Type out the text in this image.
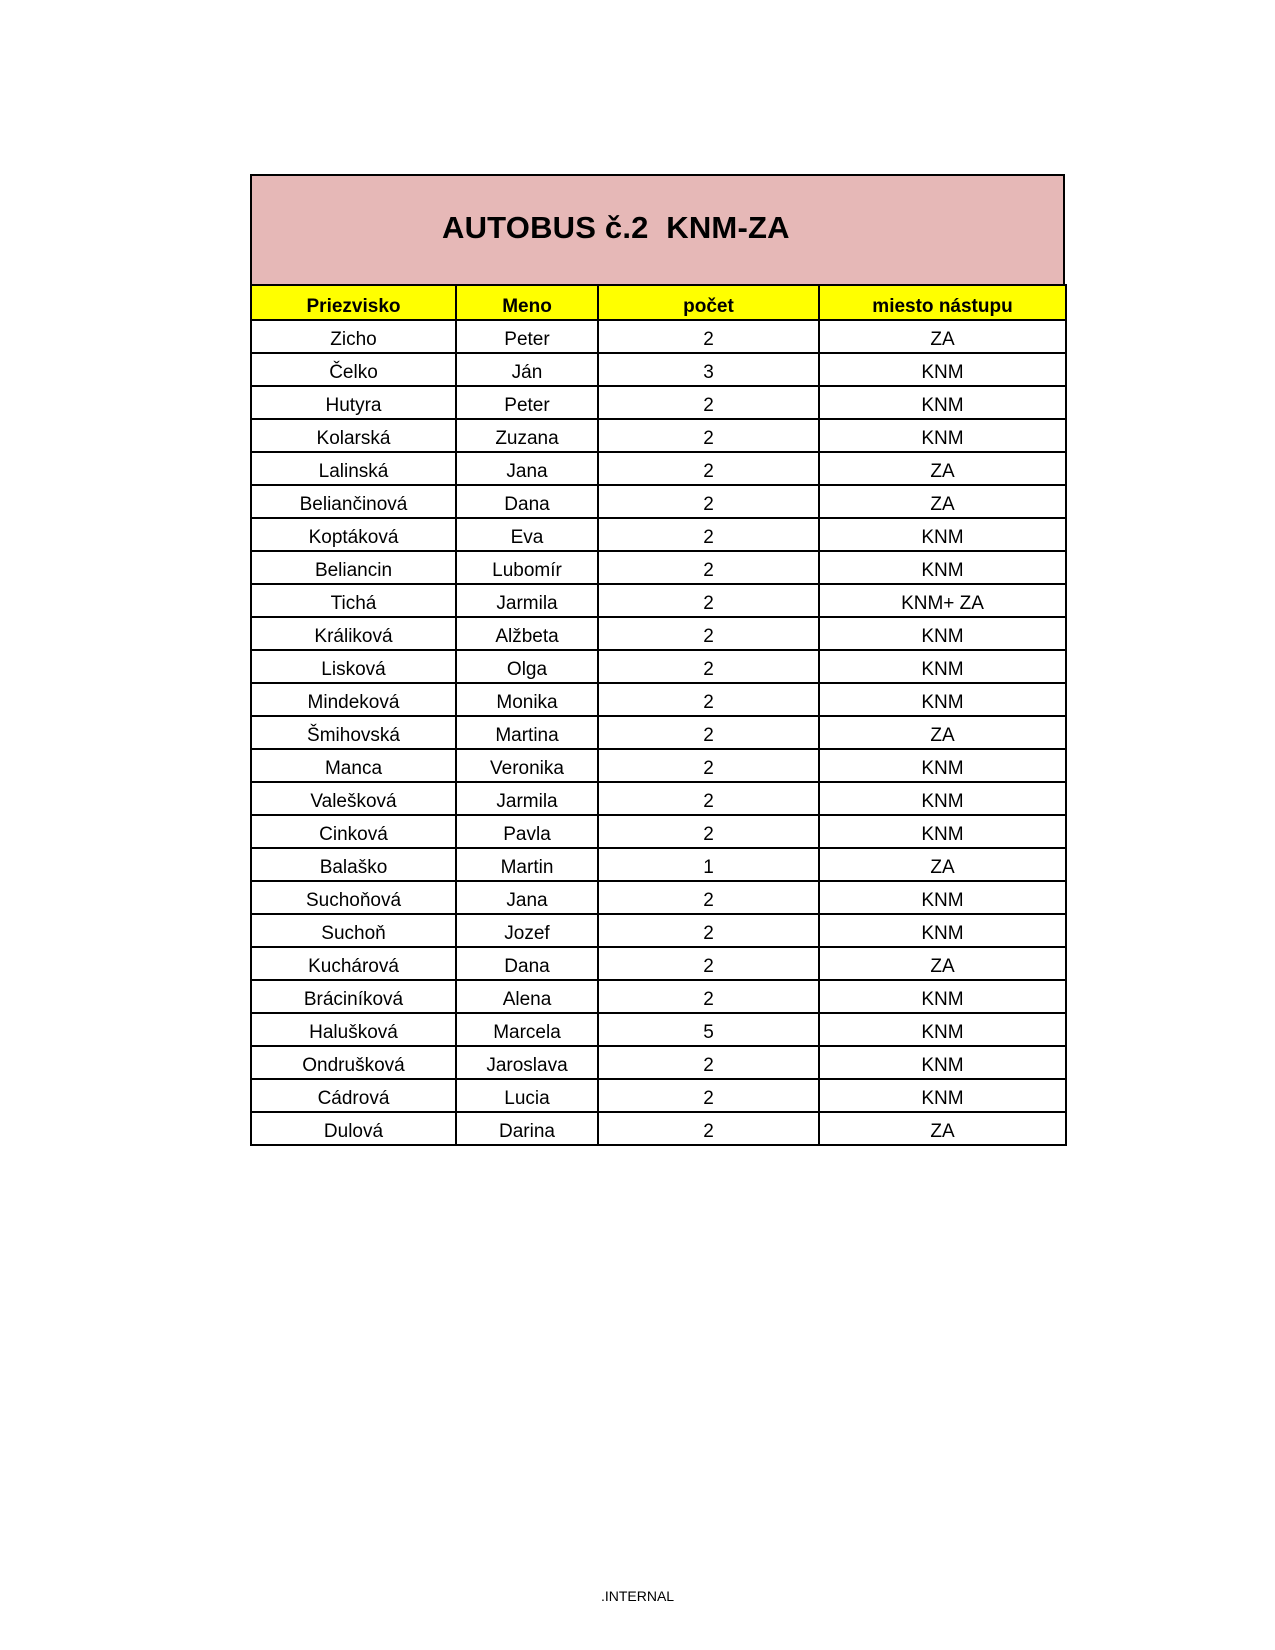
AUTOBUS č.2  KNM-ZA
Priezvisko	Meno	počet	miesto nástupu
Zicho	Peter	2	ZA
Čelko	Ján	3	KNM
Hutyra	Peter	2	KNM
Kolarská	Zuzana	2	KNM
Lalinská	Jana	2	ZA
Beliančinová	Dana	2	ZA
Koptáková	Eva	2	KNM
Beliancin	Lubomír	2	KNM
Tichá	Jarmila	2	KNM+ ZA
Králiková	Alžbeta	2	KNM
Lisková	Olga	2	KNM
Mindeková	Monika	2	KNM
Šmihovská	Martina	2	ZA
Manca	Veronika	2	KNM
Valešková	Jarmila	2	KNM
Cinková	Pavla	2	KNM
Balaško	Martin	1	ZA
Suchoňová	Jana	2	KNM
Suchoň	Jozef	2	KNM
Kuchárová	Dana	2	ZA
Bráciníková	Alena	2	KNM
Halušková	Marcela	5	KNM
Ondrušková	Jaroslava	2	KNM
Cádrová	Lucia	2	KNM
Dulová	Darina	2	ZA
.INTERNAL
